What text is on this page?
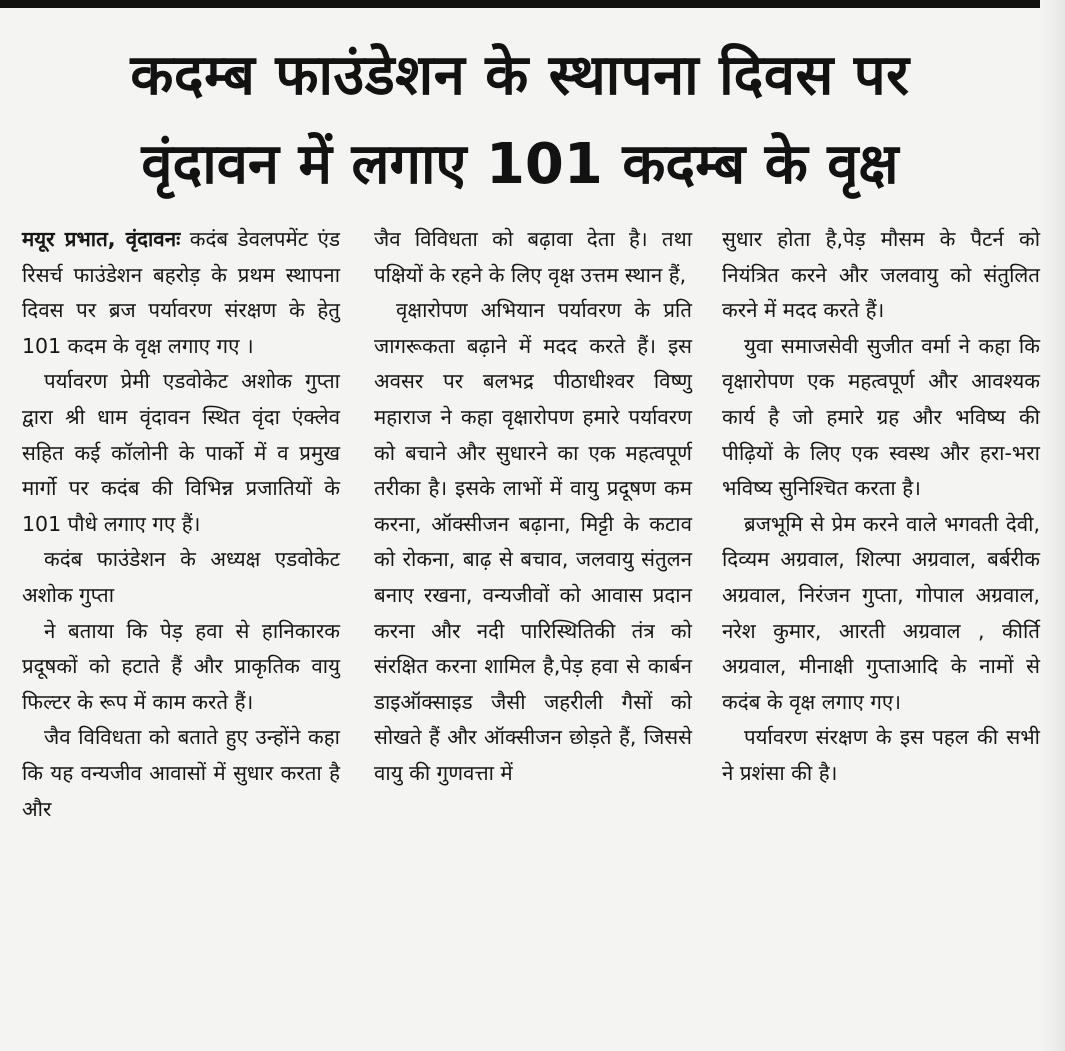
कदम्ब फाउंडेशन के स्थापना दिवस पर
वृंदावन में लगाए 101 कदम्ब के वृक्ष

मयूर प्रभात, वृंदावनः कदंब डेवलपमेंट एंड रिसर्च फाउंडेशन बहरोड़ के प्रथम स्थापना दिवस पर ब्रज पर्यावरण संरक्षण के हेतु 101 कदम के वृक्ष लगाए गए ।

पर्यावरण प्रेमी एडवोकेट अशोक गुप्ता द्वारा श्री धाम वृंदावन स्थित वृंदा एंक्लेव सहित कई कॉलोनी के पार्को में व प्रमुख मार्गो पर कदंब की विभिन्न प्रजातियों के 101 पौधे लगाए गए हैं।

कदंब फाउंडेशन के अध्यक्ष एडवोकेट अशोक गुप्ता

ने बताया कि पेड़ हवा से हानिकारक प्रदूषकों को हटाते हैं और प्राकृतिक वायु फिल्टर के रूप में काम करते हैं।

जैव विविधता को बताते हुए उन्होंने कहा कि यह वन्यजीव आवासों में सुधार करता है और

जैव विविधता को बढ़ावा देता है। तथा पक्षियों के रहने के लिए वृक्ष उत्तम स्थान हैं,

वृक्षारोपण अभियान पर्यावरण के प्रति जागरूकता बढ़ाने में मदद करते हैं। इस अवसर पर बलभद्र पीठाधीश्वर विष्णु महाराज ने कहा वृक्षारोपण हमारे पर्यावरण को बचाने और सुधारने का एक महत्वपूर्ण तरीका है। इसके लाभों में वायु प्रदूषण कम करना, ऑक्सीजन बढ़ाना, मिट्टी के कटाव को रोकना, बाढ़ से बचाव, जलवायु संतुलन बनाए रखना, वन्यजीवों को आवास प्रदान करना और नदी पारिस्थितिकी तंत्र को संरक्षित करना शामिल है,पेड़ हवा से कार्बन डाइऑक्साइड जैसी जहरीली गैसों को सोखते हैं और ऑक्सीजन छोड़ते हैं, जिससे वायु की गुणवत्ता में

सुधार होता है,पेड़ मौसम के पैटर्न को नियंत्रित करने और जलवायु को संतुलित करने में मदद करते हैं।

युवा समाजसेवी सुजीत वर्मा ने कहा कि वृक्षारोपण एक महत्वपूर्ण और आवश्यक कार्य है जो हमारे ग्रह और भविष्य की पीढ़ियों के लिए एक स्वस्थ और हरा-भरा भविष्य सुनिश्चित करता है।

ब्रजभूमि से प्रेम करने वाले भगवती देवी, दिव्यम अग्रवाल, शिल्पा अग्रवाल, बर्बरीक अग्रवाल, निरंजन गुप्ता, गोपाल अग्रवाल, नरेश कुमार, आरती अग्रवाल , कीर्ति अग्रवाल, मीनाक्षी गुप्ताआदि के नामों से कदंब के वृक्ष लगाए गए।

पर्यावरण संरक्षण के इस पहल की सभी ने प्रशंसा की है।
